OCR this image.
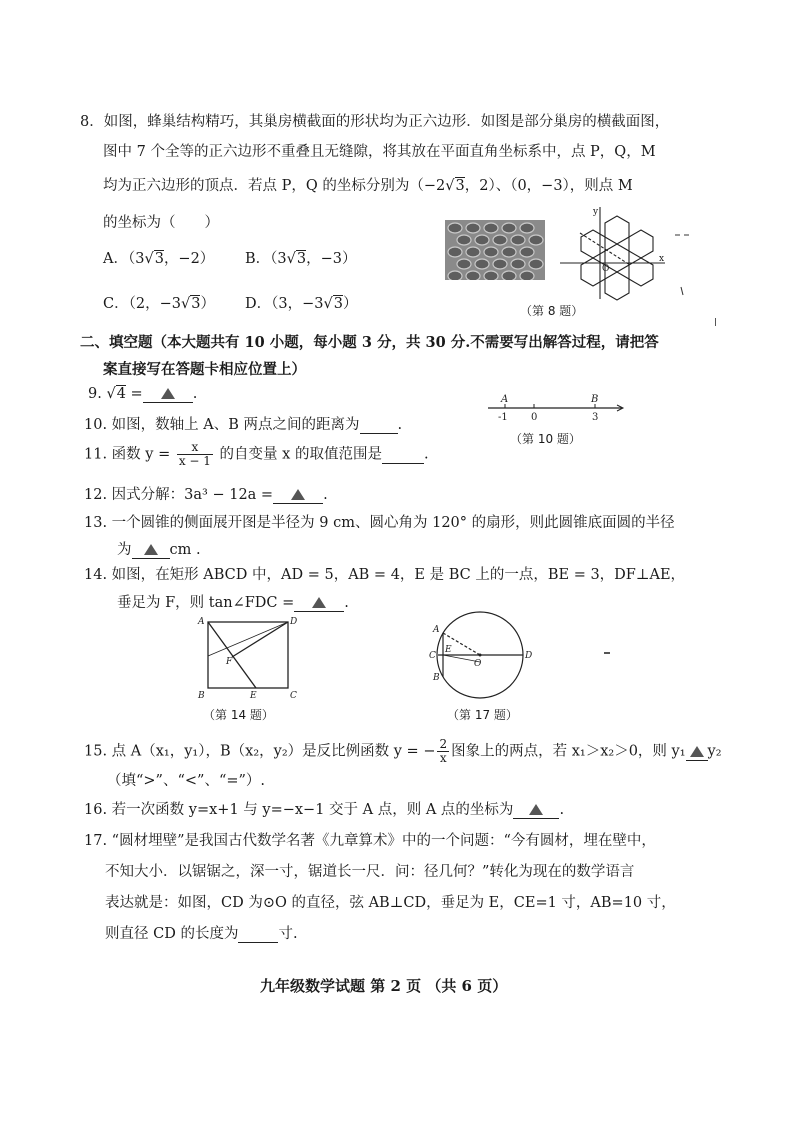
8．如图，蜂巢结构精巧，其巢房横截面的形状均为正六边形．如图是部分巢房的横截面图，
图中 7 个全等的正六边形不重叠且无缝隙，将其放在平面直角坐标系中，点 P，Q，M
均为正六边形的顶点．若点 P，Q 的坐标分别为（−2√3，2）、（0，−3），则点 M
的坐标为（　　）
A．（3√3，−2） B．（3√3，−3）
C．（2，−3√3） D．（3，−3√3）
y
O
x
（第 8 题）
二、填空题（本大题共有 10 小题，每小题 3 分，共 30 分.不需要写出解答过程，请把答
案直接写在答题卡相应位置上）
9. √4 =	.
10. 如图，数轴上 A、B 两点之间的距离为	.
A	B
-1 0	3
（第 10 题）
11. 函数 $y = \frac{x}{x - 1}$ 的自变量 x 的取值范围是	.
12. 因式分解：3a³ − 12a =	.
13. 一个圆锥的侧面展开图是半径为 9 cm、圆心角为 120° 的扇形，则此圆锥底面圆的半径
为	cm .
14. 如图，在矩形 ABCD 中，AD = 5，AB = 4，E 是 BC 上的一点，BE = 3，DF⊥AE，
垂足为 F，则 tan∠FDC =	.
A	D
B	E	C
F
（第 14 题）
A
C
B
E
O
D
（第 17 题）
15. 点 A（x₁，y₁），B（x₂，y₂）是反比例函数 y = − $\frac{2}{x}$ 图象上的两点，若 x₁＞x₂＞0，则 y₁ y₂
（填“>”、“<”、“=”）.
16. 若一次函数 y=x+1 与 y=−x−1 交于 A 点，则 A 点的坐标为	.
17. “圆材埋壁”是我国古代数学名著《九章算术》中的一个问题：“今有圆材，埋在壁中，
不知大小．以锯锯之，深一寸，锯道长一尺．问：径几何？”转化为现在的数学语言
表达就是：如图，CD 为⊙O 的直径，弦 AB⊥CD，垂足为 E，CE=1 寸，AB=10 寸，
则直径 CD 的长度为	寸.
九年级数学试题 第 2 页 （共 6 页）
